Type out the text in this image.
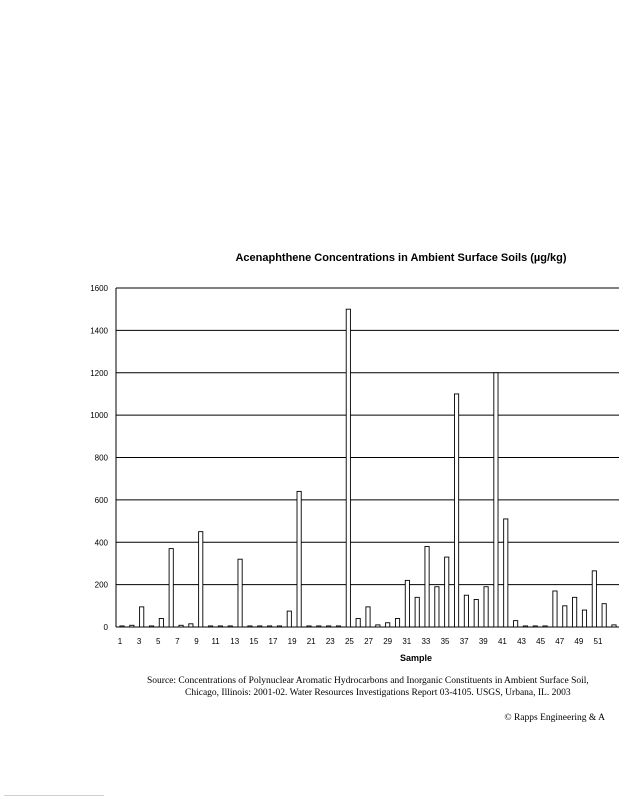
0
200
400
600
800
1000
1200
1400
1600
1 3 5 7 9 11 13 15 17 19 21 23 25 27 29 31 33 35 37 39 41 43 45 47 49 51
Acenaphthene Concentrations in Ambient Surface Soils (µg/kg)
Sample
Source: Concentrations of Polynuclear Aromatic Hydrocarbons and Inorganic Constituents in Ambient Surface Soil,
Chicago, Illinois: 2001-02. Water Resources Investigations Report 03-4105. USGS, Urbana, IL. 2003
© Rapps Engineering & A
